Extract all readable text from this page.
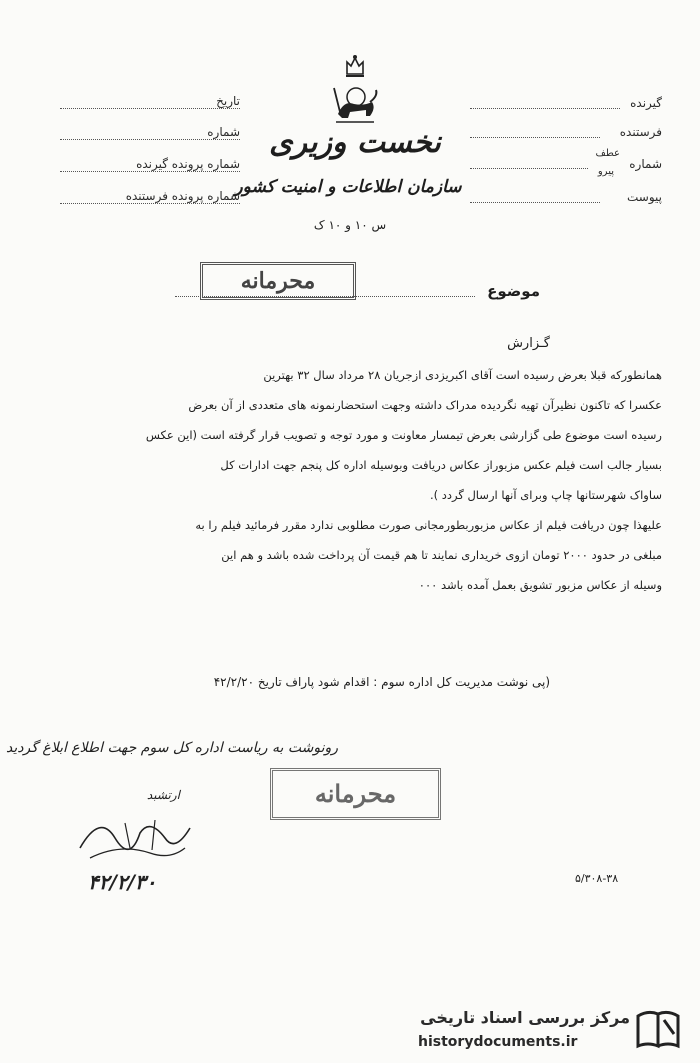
نخست وزیری
سازمان اطلاعات و امنیت کشور
س ۱۰ و ۱۰ ک
گیرنده
فرستنده
شماره
عطف
پیرو
پیوست
تاریخ
شماره
شماره پرونده گیرنده
شماره پرونده فرستنده
محرمانه	موضوع
گـزارش

همانطورکه قبلا بعرض رسیده است آقای اکبریزدی ازجریان ۲۸ مرداد سال ۳۲ بهترین

عکسرا که تاکنون نظیرآن تهیه نگردیده مدراک داشته وجهت استحضارنمونه های متعددی از آن بعرض

رسیده است موضوع طی گزارشی بعرض تیمسار معاونت و مورد توجه و تصویب قرار گرفته است (این عکس

بسیار جالب است فیلم عکس مزبوراز عکاس دریافت وبوسیله اداره کل پنجم جهت ادارات کل

ساواک شهرستانها چاپ وبرای آنها ارسال گردد ).

علیهذا چون دریافت فیلم از عکاس مزبوربطورمجانی صورت مطلوبی ندارد مقرر فرمائید فیلم را به

مبلغی در حدود ۲۰۰۰ تومان ازوی خریداری نمایند تا هم قیمت آن پرداخت شده باشد و هم این

وسیله از عکاس مزبور تشویق بعمل آمده باشد ۰۰۰

(پی نوشت مدیریت کل اداره سوم : اقدام شود پاراف تاریخ ۴۲/۲/۲۰
رونوشت به ریاست اداره کل سوم جهت اطلاع ابلاغ گردید
ارتشبد
۴۲/۲/۳۰
محرمانه
۵/۳۰۸-۳۸
مرکز بررسی اسناد تاریخی
historydocuments.ir
